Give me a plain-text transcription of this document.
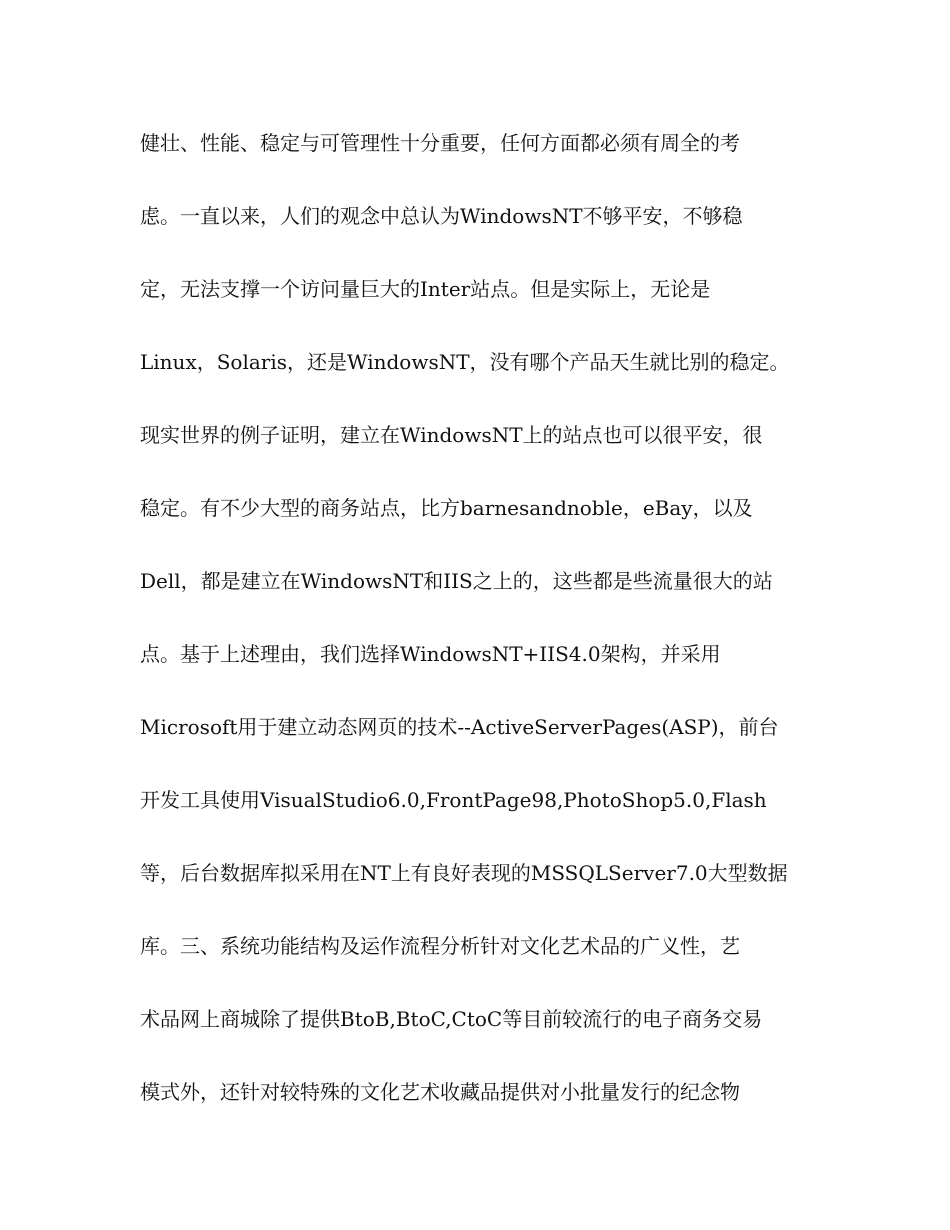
健壮、性能、稳定与可管理性十分重要，任何方面都必须有周全的考
虑。一直以来，人们的观念中总认为WindowsNT不够平安，不够稳
定，无法支撑一个访问量巨大的Inter站点。但是实际上，无论是
Linux，Solaris，还是WindowsNT，没有哪个产品天生就比别的稳定。
现实世界的例子证明，建立在WindowsNT上的站点也可以很平安，很
稳定。有不少大型的商务站点，比方barnesandnoble，eBay，以及
Dell，都是建立在WindowsNT和IIS之上的，这些都是些流量很大的站
点。基于上述理由，我们选择WindowsNT+IIS4.0架构，并采用
Microsoft用于建立动态网页的技术--ActiveServerPages(ASP)，前台
开发工具使用VisualStudio6.0,FrontPage98,PhotoShop5.0,Flash
等，后台数据库拟采用在NT上有良好表现的MSSQLServer7.0大型数据
库。三、系统功能结构及运作流程分析针对文化艺术品的广义性，艺
术品网上商城除了提供BtoB,BtoC,CtoC等目前较流行的电子商务交易
模式外，还针对较特殊的文化艺术收藏品提供对小批量发行的纪念物
